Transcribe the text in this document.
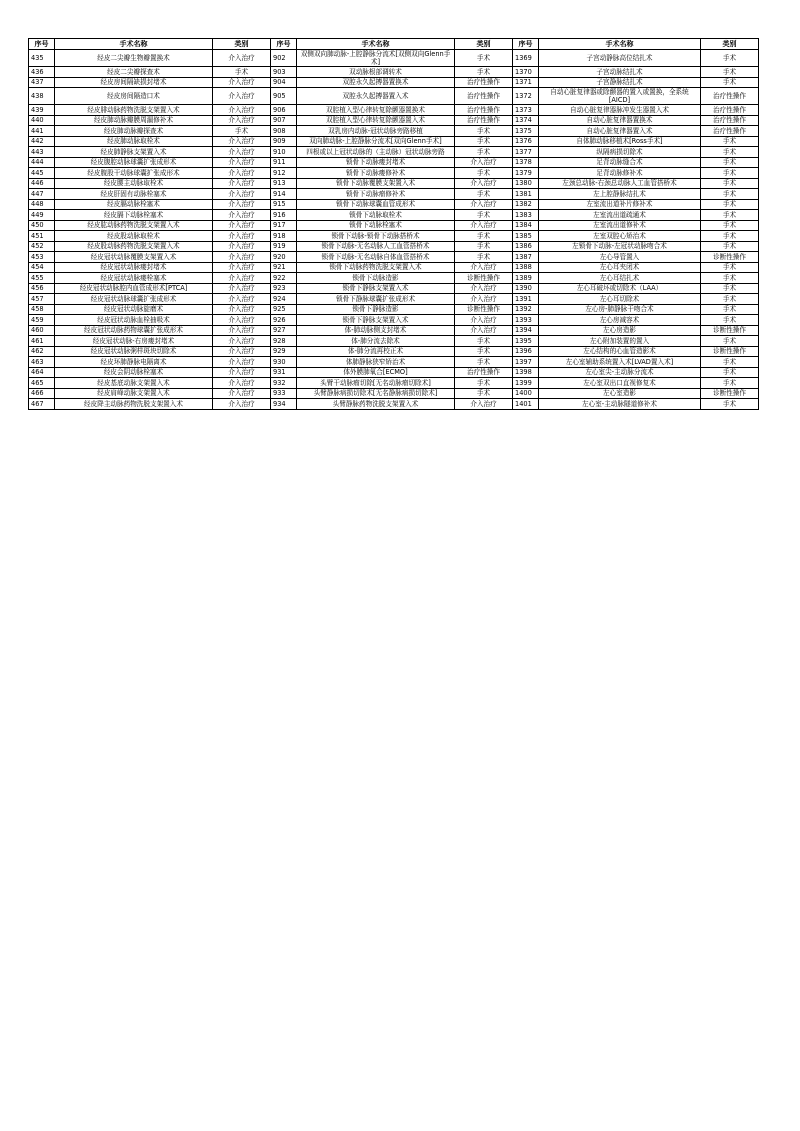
序号	手术名称	类别	序号	手术名称	类别	序号	手术名称	类别
435	经皮二尖瓣生物瓣置换术	介入治疗	902	双侧双向肺动脉-上腔静脉分流术[双侧双向Glenn手术]	手术	1369	子宫动静脉高位结扎术	手术
436	经皮二尖瓣探查术	手术	903	双动脉根部调转术	手术	1370	子宫动脉结扎术	手术
437	经皮房间隔缺损封堵术	介入治疗	904	双腔永久起搏器置换术	治疗性操作	1371	子宫静脉结扎术	手术
438	经皮房间隔造口术	介入治疗	905	双腔永久起搏器置入术	治疗性操作	1372	自动心脏复律器或除颤器的置入或置换，全系统[AICD]	治疗性操作
439	经皮腓动脉药物洗脱支架置入术	介入治疗	906	双腔植入型心律转复除颤器置换术	治疗性操作	1373	自动心脏复律器脉冲发生器置入术	治疗性操作
440	经皮肺动脉瓣膜周漏修补术	介入治疗	907	双腔植入型心律转复除颤器置入术	治疗性操作	1374	自动心脏复律器置换术	治疗性操作
441	经皮肺动脉瓣探查术	手术	908	双乳房内动脉-冠状动脉旁路移植	手术	1375	自动心脏复律器置入术	治疗性操作
442	经皮肺动脉取栓术	介入治疗	909	双向肺动脉-上腔静脉分流术[双向Glenn手术]	手术	1376	自体肺动脉移植术[Ross手术]	手术
443	经皮肺静脉支架置入术	介入治疗	910	四根或以上冠状动脉的（主动脉）冠状动脉旁路	手术	1377	纵隔病损切除术	手术
444	经皮腹腔动脉球囊扩张成形术	介入治疗	911	锁骨下动脉瘘封堵术	介入治疗	1378	足背动脉缝合术	手术
445	经皮腹股干动脉球囊扩张成形术	介入治疗	912	锁骨下动脉瘘修补术	手术	1379	足背动脉修补术	手术
446	经皮腰主动脉取栓术	介入治疗	913	锁骨下动脉覆膜支架置入术	介入治疗	1380	左颈总动脉-右颈总动脉人工血管搭桥术	手术
447	经皮肝固有动脉栓塞术	介入治疗	914	锁骨下动脉瘤修补术	手术	1381	左上腔静脉结扎术	手术
448	经皮膈动脉栓塞术	介入治疗	915	锁骨下动脉球囊血管成形术	介入治疗	1382	左室流出道补片修补术	手术
449	经皮膈下动脉栓塞术	介入治疗	916	锁骨下动脉取栓术	手术	1383	左室流出道疏通术	手术
450	经皮肱动脉药物洗脱支架置入术	介入治疗	917	锁骨下动脉栓塞术	介入治疗	1384	左室流出道修补术	手术
451	经皮股动脉取栓术	介入治疗	918	锁骨下动脉-锁骨下动脉搭桥术	手术	1385	左室双腔心矫治术	手术
452	经皮股动脉药物洗脱支架置入术	介入治疗	919	锁骨下动脉-无名动脉人工血管搭桥术	手术	1386	左锁骨下动脉-左冠状动脉吻合术	手术
453	经皮冠状动脉覆膜支架置入术	介入治疗	920	锁骨下动脉-无名动脉自体血管搭桥术	手术	1387	左心导管置入	诊断性操作
454	经皮冠状动脉瘘封堵术	介入治疗	921	锁骨下动脉药物洗脱支架置入术	介入治疗	1388	左心耳夹闭术	手术
455	经皮冠状动脉瘘栓塞术	介入治疗	922	锁骨下动脉造影	诊断性操作	1389	左心耳结扎术	手术
456	经皮冠状动脉腔内血管成形术[PTCA]	介入治疗	923	锁骨下静脉支架置入术	介入治疗	1390	左心耳破坏或切除术（LAA）	手术
457	经皮冠状动脉球囊扩张成形术	介入治疗	924	锁骨下静脉球囊扩张成形术	介入治疗	1391	左心耳切除术	手术
458	经皮冠状动脉旋磨术	介入治疗	925	锁骨下静脉造影	诊断性操作	1392	左心房-肺静脉干吻合术	手术
459	经皮冠状动脉血栓抽吸术	介入治疗	926	锁骨下静脉支架置入术	介入治疗	1393	左心房减容术	手术
460	经皮冠状动脉药物球囊扩张成形术	介入治疗	927	体-肺动脉侧支封堵术	介入治疗	1394	左心房造影	诊断性操作
461	经皮冠状动脉-右房瘘封堵术	介入治疗	928	体-肺分流去除术	手术	1395	左心附加装置的置入	手术
462	经皮冠状动脉粥样斑块切除术	介入治疗	929	体-肺分流再校正术	手术	1396	左心结构的心血管造影术	诊断性操作
463	经皮环肺静脉电隔离术	介入治疗	930	体肺静脉狭窄矫治术	手术	1397	左心室辅助系统置入术[LVAD置入术]	手术
464	经皮会阴动脉栓塞术	介入治疗	931	体外膜肺氧合[ECMO]	治疗性操作	1398	左心室尖-主动脉分流术	手术
465	经皮基底动脉支架置入术	介入治疗	932	头臂干动脉瘤切除[无名动脉瘤切除术]	手术	1399	左心室双出口直视修复术	手术
466	经皮肩峰动脉支架置入术	介入治疗	933	头臂静脉病损切除术[无名静脉病损切除术]	手术	1400	左心室造影	诊断性操作
467	经皮降主动脉药物洗脱支架置入术	介入治疗	934	头臂静脉药物洗脱支架置入术	介入治疗	1401	左心室-主动脉隧道修补术	手术
